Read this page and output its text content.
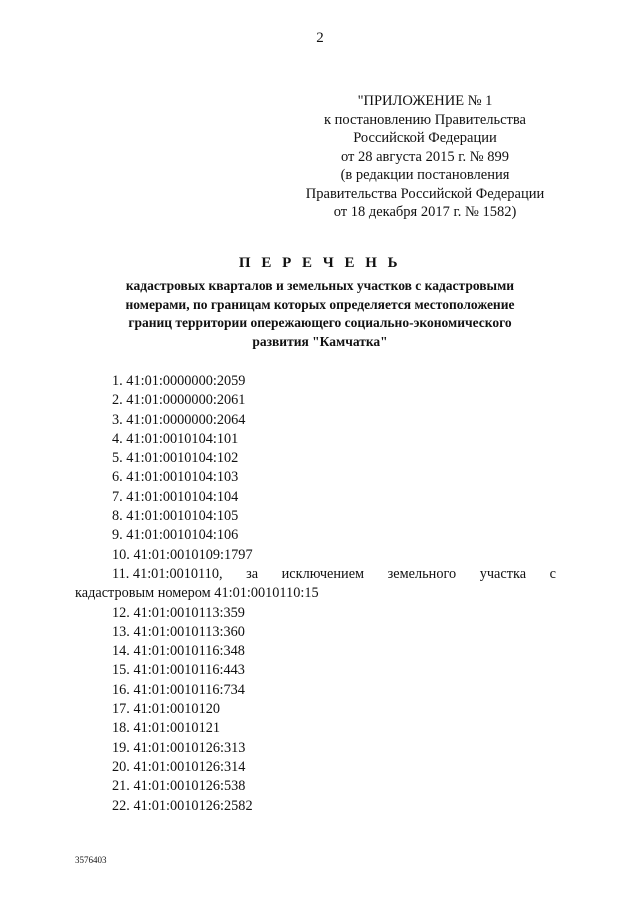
2
"ПРИЛОЖЕНИЕ № 1
к постановлению Правительства
Российской Федерации
от 28 августа 2015 г. № 899
(в редакции постановления
Правительства Российской Федерации
от 18 декабря 2017 г. № 1582)
П Е Р Е Ч Е Н Ь
кадастровых кварталов и земельных участков с кадастровыми
номерами, по границам которых определяется местоположение
границ территории опережающего социально-экономического
развития "Камчатка"
1. 41:01:0000000:2059
2. 41:01:0000000:2061
3. 41:01:0000000:2064
4. 41:01:0010104:101
5. 41:01:0010104:102
6. 41:01:0010104:103
7. 41:01:0010104:104
8. 41:01:0010104:105
9. 41:01:0010104:106
10. 41:01:0010109:1797
11. 41:01:0010110, за исключением земельного участка с
кадастровым номером 41:01:0010110:15
12. 41:01:0010113:359
13. 41:01:0010113:360
14. 41:01:0010116:348
15. 41:01:0010116:443
16. 41:01:0010116:734
17. 41:01:0010120
18. 41:01:0010121
19. 41:01:0010126:313
20. 41:01:0010126:314
21. 41:01:0010126:538
22. 41:01:0010126:2582
3576403
